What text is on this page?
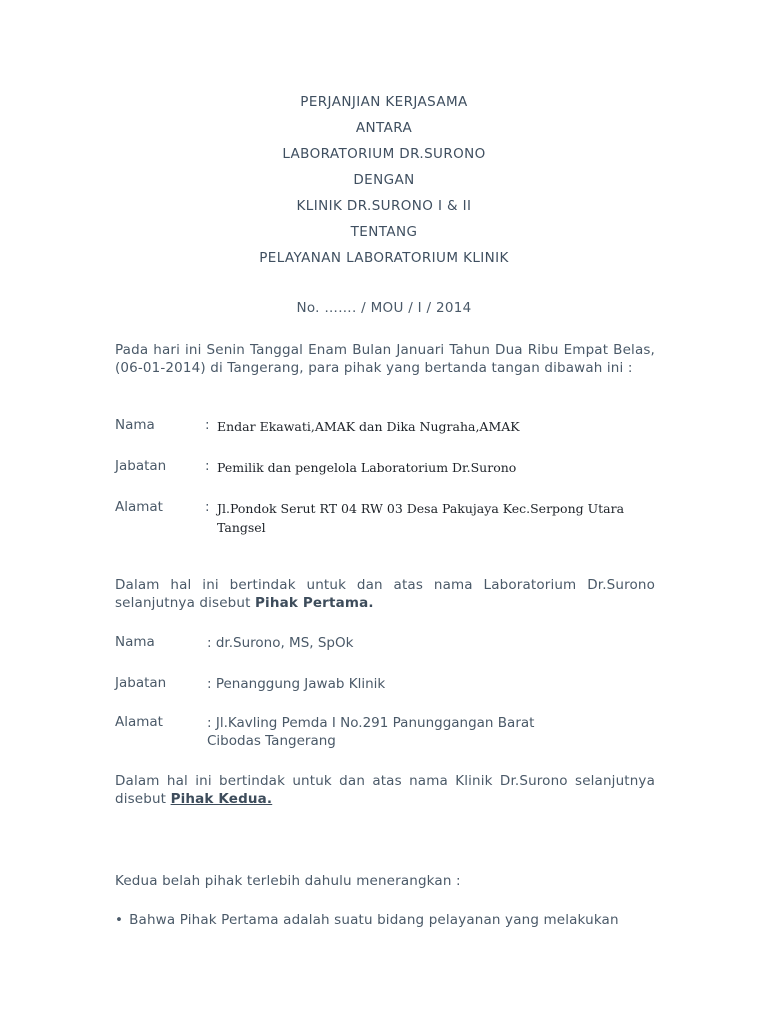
PERJANJIAN KERJASAMA
ANTARA
LABORATORIUM DR.SURONO
DENGAN
KLINIK DR.SURONO I & II
TENTANG
PELAYANAN LABORATORIUM KLINIK
No. ……. / MOU / I / 2014
Pada hari ini Senin Tanggal Enam Bulan Januari Tahun Dua Ribu Empat Belas, (06-01-2014) di Tangerang, para pihak yang bertanda tangan dibawah ini :
Nama	: Endar Ekawati,AMAK dan Dika Nugraha,AMAK
Jabatan	: Pemilik dan pengelola Laboratorium Dr.Surono
Alamat	: Jl.Pondok Serut RT 04 RW 03 Desa Pakujaya Kec.Serpong Utara
Tangsel
Dalam hal ini bertindak untuk dan atas nama Laboratorium Dr.Surono selanjutnya disebut Pihak Pertama.
Nama	: dr.Surono, MS, SpOk
Jabatan	: Penanggung Jawab Klinik
Alamat	: Jl.Kavling Pemda I No.291 Panunggangan Barat
Cibodas Tangerang
Dalam hal ini bertindak untuk dan atas nama Klinik Dr.Surono selanjutnya disebut Pihak Kedua.
Kedua belah pihak terlebih dahulu menerangkan :
• Bahwa Pihak Pertama adalah suatu bidang pelayanan yang melakukan
